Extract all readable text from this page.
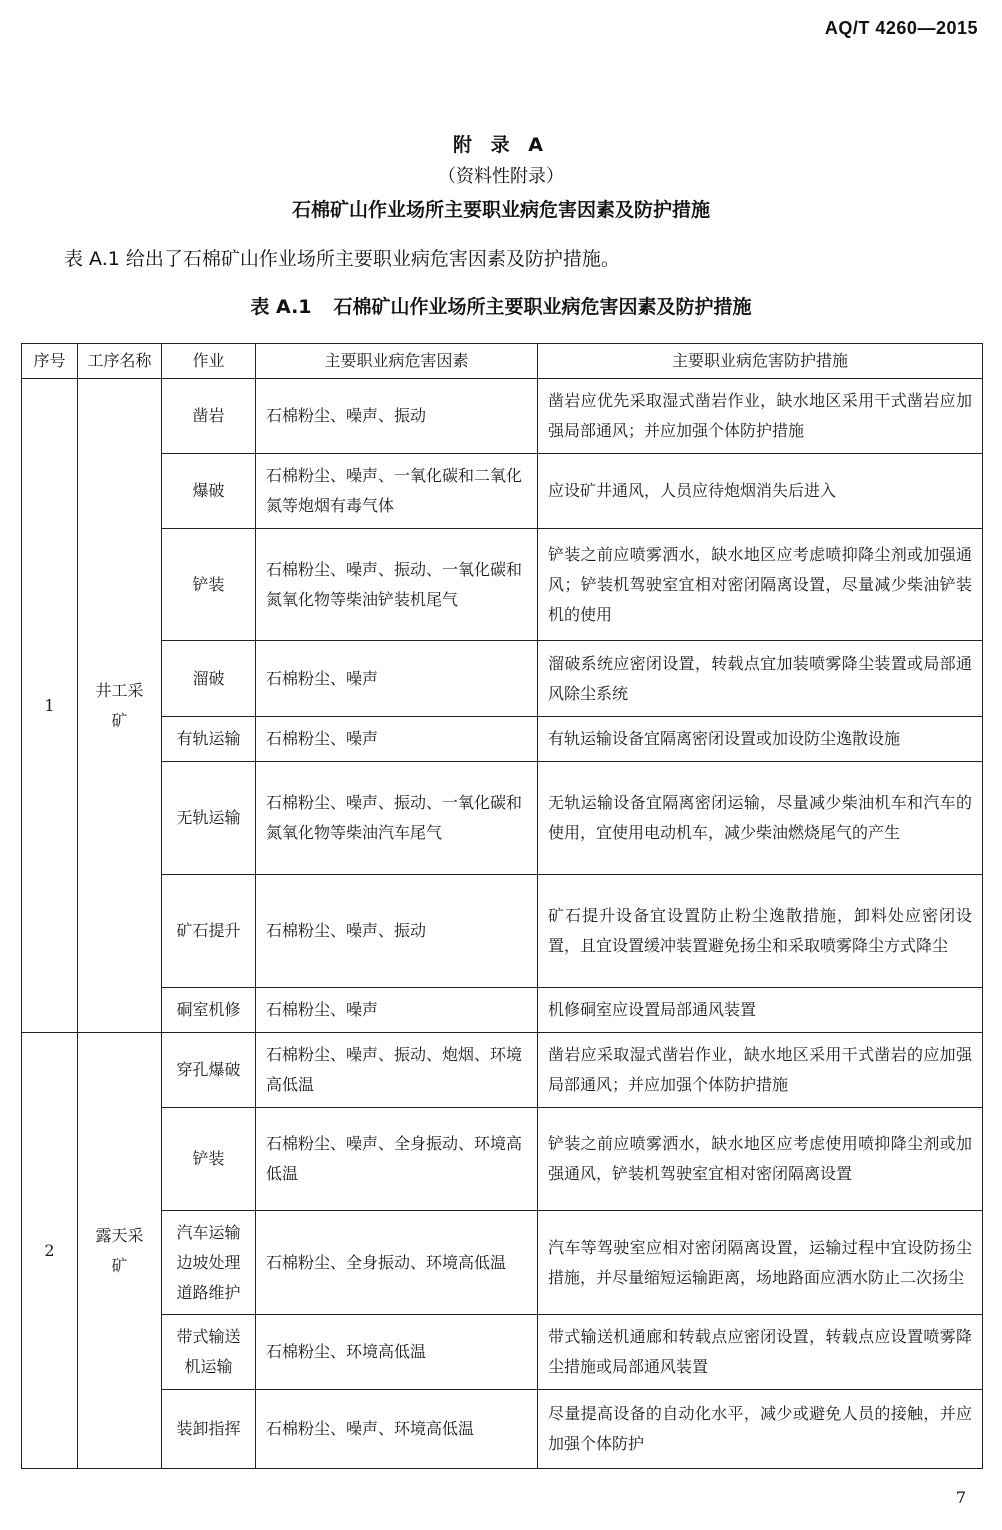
AQ/T 4260—2015
附 录 A
（资料性附录）
石棉矿山作业场所主要职业病危害因素及防护措施
表 A.1 给出了石棉矿山作业场所主要职业病危害因素及防护措施。
表 A.1 石棉矿山作业场所主要职业病危害因素及防护措施
序号	工序名称	作业	主要职业病危害因素	主要职业病危害防护措施
1	井工采矿	凿岩	石棉粉尘、噪声、振动	凿岩应优先采取湿式凿岩作业，缺水地区采用干式凿岩应加强局部通风；并应加强个体防护措施
		爆破	石棉粉尘、噪声、一氧化碳和二氧化氮等炮烟有毒气体	应设矿井通风，人员应待炮烟消失后进入
		铲装	石棉粉尘、噪声、振动、一氧化碳和氮氧化物等柴油铲装机尾气	铲装之前应喷雾洒水，缺水地区应考虑喷抑降尘剂或加强通风；铲装机驾驶室宜相对密闭隔离设置，尽量减少柴油铲装机的使用
		溜破	石棉粉尘、噪声	溜破系统应密闭设置，转载点宜加装喷雾降尘装置或局部通风除尘系统
		有轨运输	石棉粉尘、噪声	有轨运输设备宜隔离密闭设置或加设防尘逸散设施
		无轨运输	石棉粉尘、噪声、振动、一氧化碳和氮氧化物等柴油汽车尾气	无轨运输设备宜隔离密闭运输，尽量减少柴油机车和汽车的使用，宜使用电动机车，减少柴油燃烧尾气的产生
		矿石提升	石棉粉尘、噪声、振动	矿石提升设备宜设置防止粉尘逸散措施，卸料处应密闭设置，且宜设置缓冲装置避免扬尘和采取喷雾降尘方式降尘
		硐室机修	石棉粉尘、噪声	机修硐室应设置局部通风装置
2	露天采矿	穿孔爆破	石棉粉尘、噪声、振动、炮烟、环境高低温	凿岩应采取湿式凿岩作业，缺水地区采用干式凿岩的应加强局部通风；并应加强个体防护措施
		铲装	石棉粉尘、噪声、全身振动、环境高低温	铲装之前应喷雾洒水，缺水地区应考虑使用喷抑降尘剂或加强通风，铲装机驾驶室宜相对密闭隔离设置
		汽车运输边坡处理道路维护	石棉粉尘、全身振动、环境高低温	汽车等驾驶室应相对密闭隔离设置，运输过程中宜设防扬尘措施，并尽量缩短运输距离，场地路面应洒水防止二次扬尘
		带式输送机运输	石棉粉尘、环境高低温	带式输送机通廊和转载点应密闭设置，转载点应设置喷雾降尘措施或局部通风装置
		装卸指挥	石棉粉尘、噪声、环境高低温	尽量提高设备的自动化水平，减少或避免人员的接触，并应加强个体防护
7
